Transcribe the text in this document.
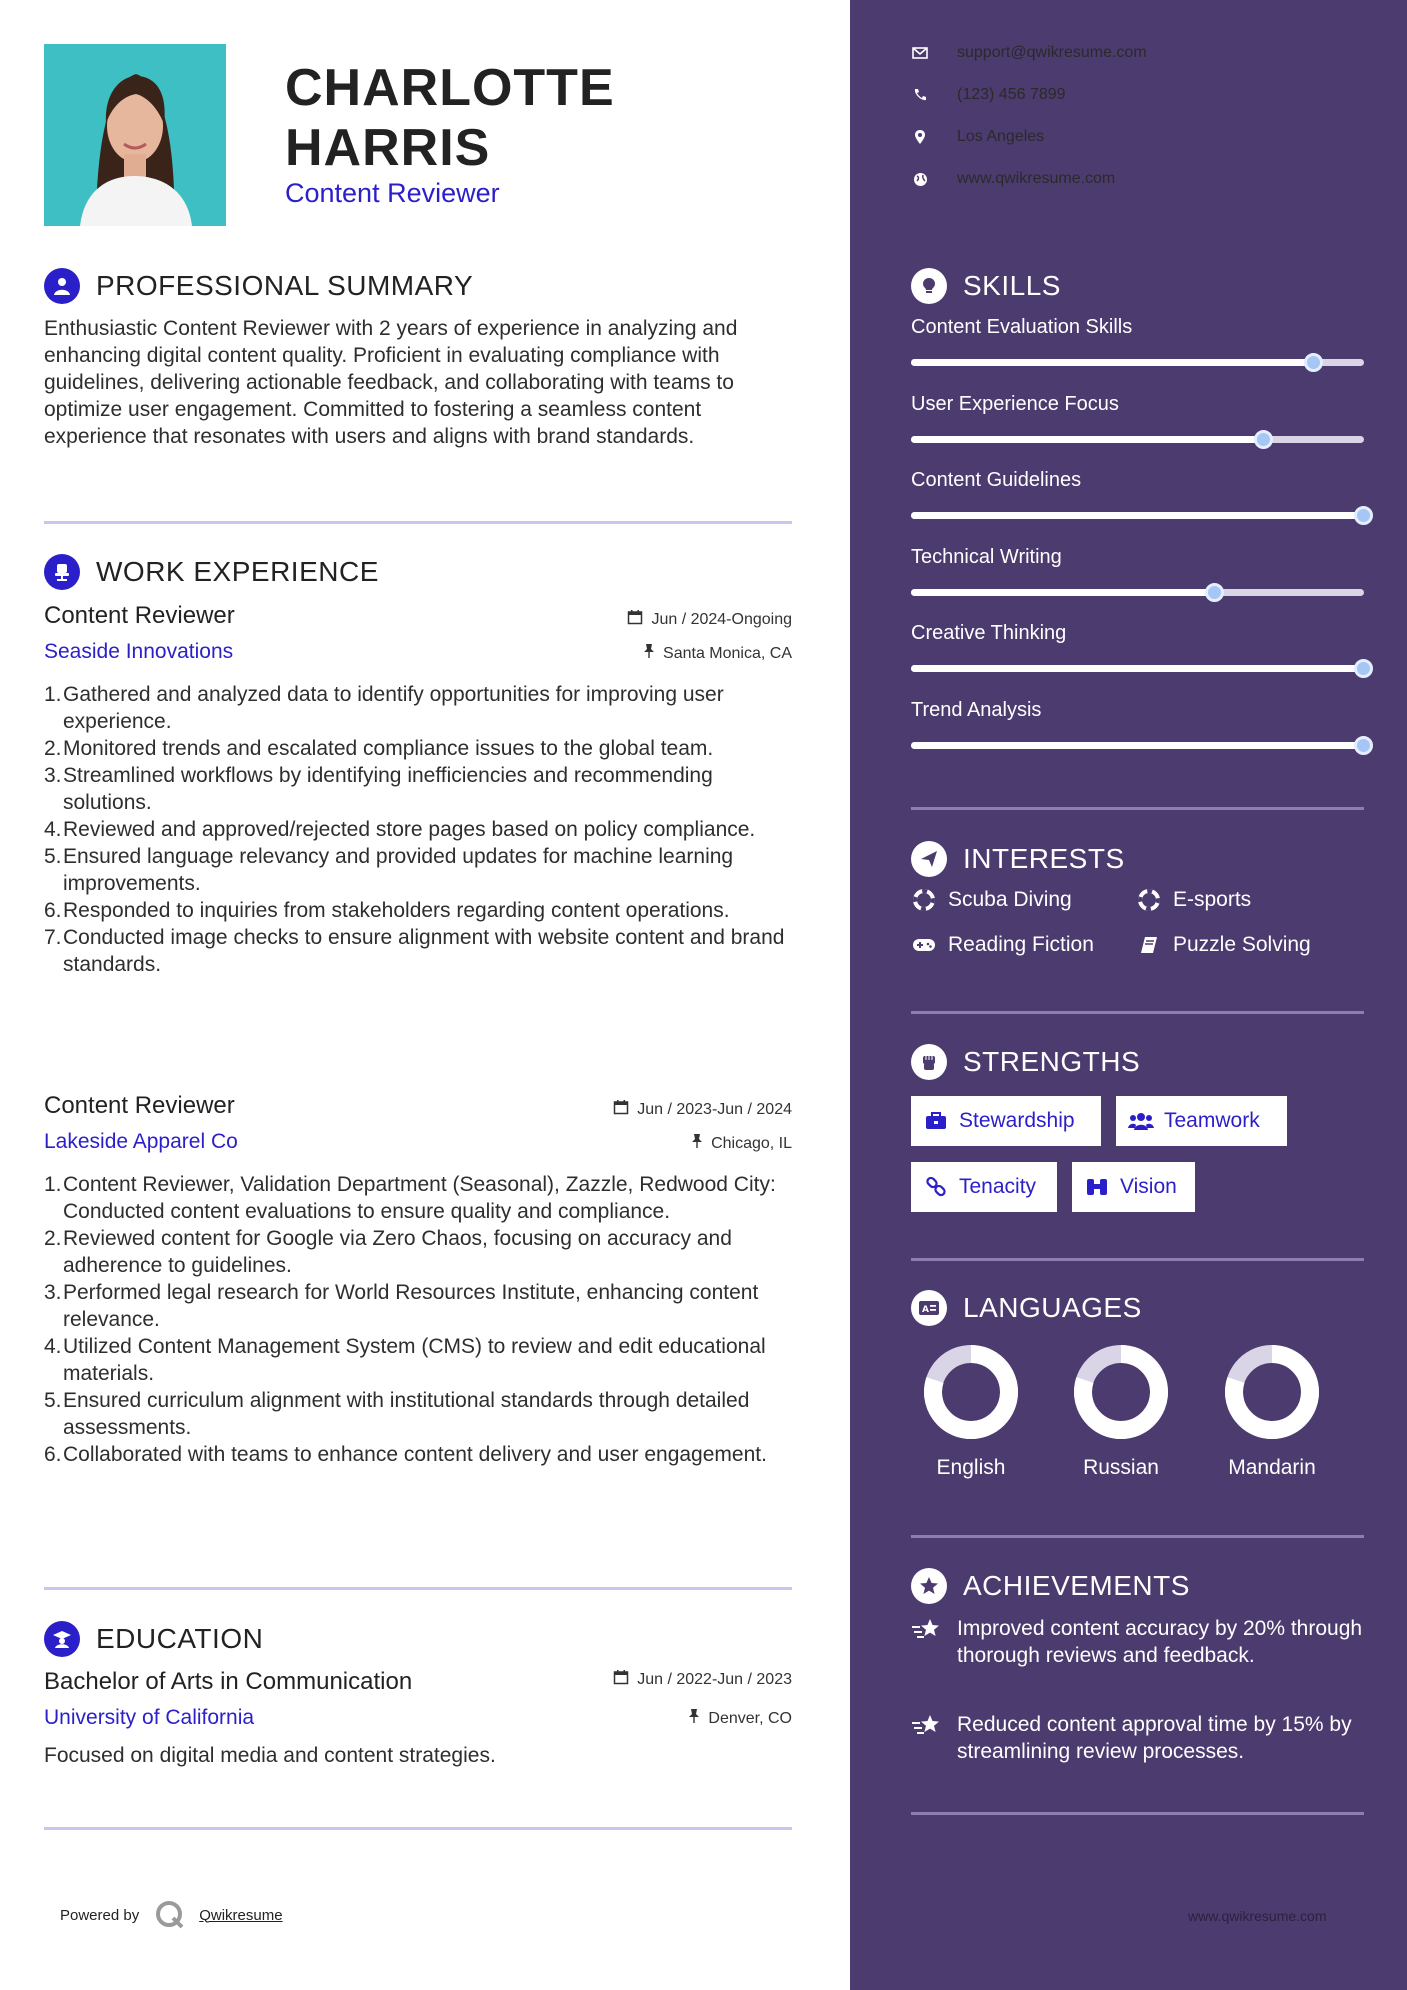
CHARLOTTE
HARRIS
Content Reviewer
PROFESSIONAL SUMMARY
Enthusiastic Content Reviewer with 2 years of experience in analyzing and enhancing digital content quality. Proficient in evaluating compliance with guidelines, delivering actionable feedback, and collaborating with teams to optimize user engagement. Committed to fostering a seamless content experience that resonates with users and aligns with brand standards.
WORK EXPERIENCE
Content Reviewer	Jun / 2024-Ongoing
Seaside Innovations	Santa Monica, CA
1. Gathered and analyzed data to identify opportunities for improving user experience.
2. Monitored trends and escalated compliance issues to the global team.
3. Streamlined workflows by identifying inefficiencies and recommending solutions.
4. Reviewed and approved/rejected store pages based on policy compliance.
5. Ensured language relevancy and provided updates for machine learning improvements.
6. Responded to inquiries from stakeholders regarding content operations.
7. Conducted image checks to ensure alignment with website content and brand standards.
Content Reviewer	Jun / 2023-Jun / 2024
Lakeside Apparel Co	Chicago, IL
1. Content Reviewer, Validation Department (Seasonal), Zazzle, Redwood City: Conducted content evaluations to ensure quality and compliance.
2. Reviewed content for Google via Zero Chaos, focusing on accuracy and adherence to guidelines.
3. Performed legal research for World Resources Institute, enhancing content relevance.
4. Utilized Content Management System (CMS) to review and edit educational materials.
5. Ensured curriculum alignment with institutional standards through detailed assessments.
6. Collaborated with teams to enhance content delivery and user engagement.
EDUCATION
Bachelor of Arts in Communication	Jun / 2022-Jun / 2023
University of California	Denver, CO
Focused on digital media and content strategies.
Powered by	Qwikresume
support@qwikresume.com
(123) 456 7899
Los Angeles
www.qwikresume.com
SKILLS
Content Evaluation Skills
User Experience Focus
Content Guidelines
Technical Writing
Creative Thinking
Trend Analysis
INTERESTS
Scuba Diving	E-sports
Reading Fiction	Puzzle Solving
STRENGTHS
Stewardship	Teamwork
Tenacity	Vision
A LANGUAGES
English	Russian	Mandarin
ACHIEVEMENTS
Improved content accuracy by 20% through thorough reviews and feedback.
Reduced content approval time by 15% by streamlining review processes.
www.qwikresume.com
